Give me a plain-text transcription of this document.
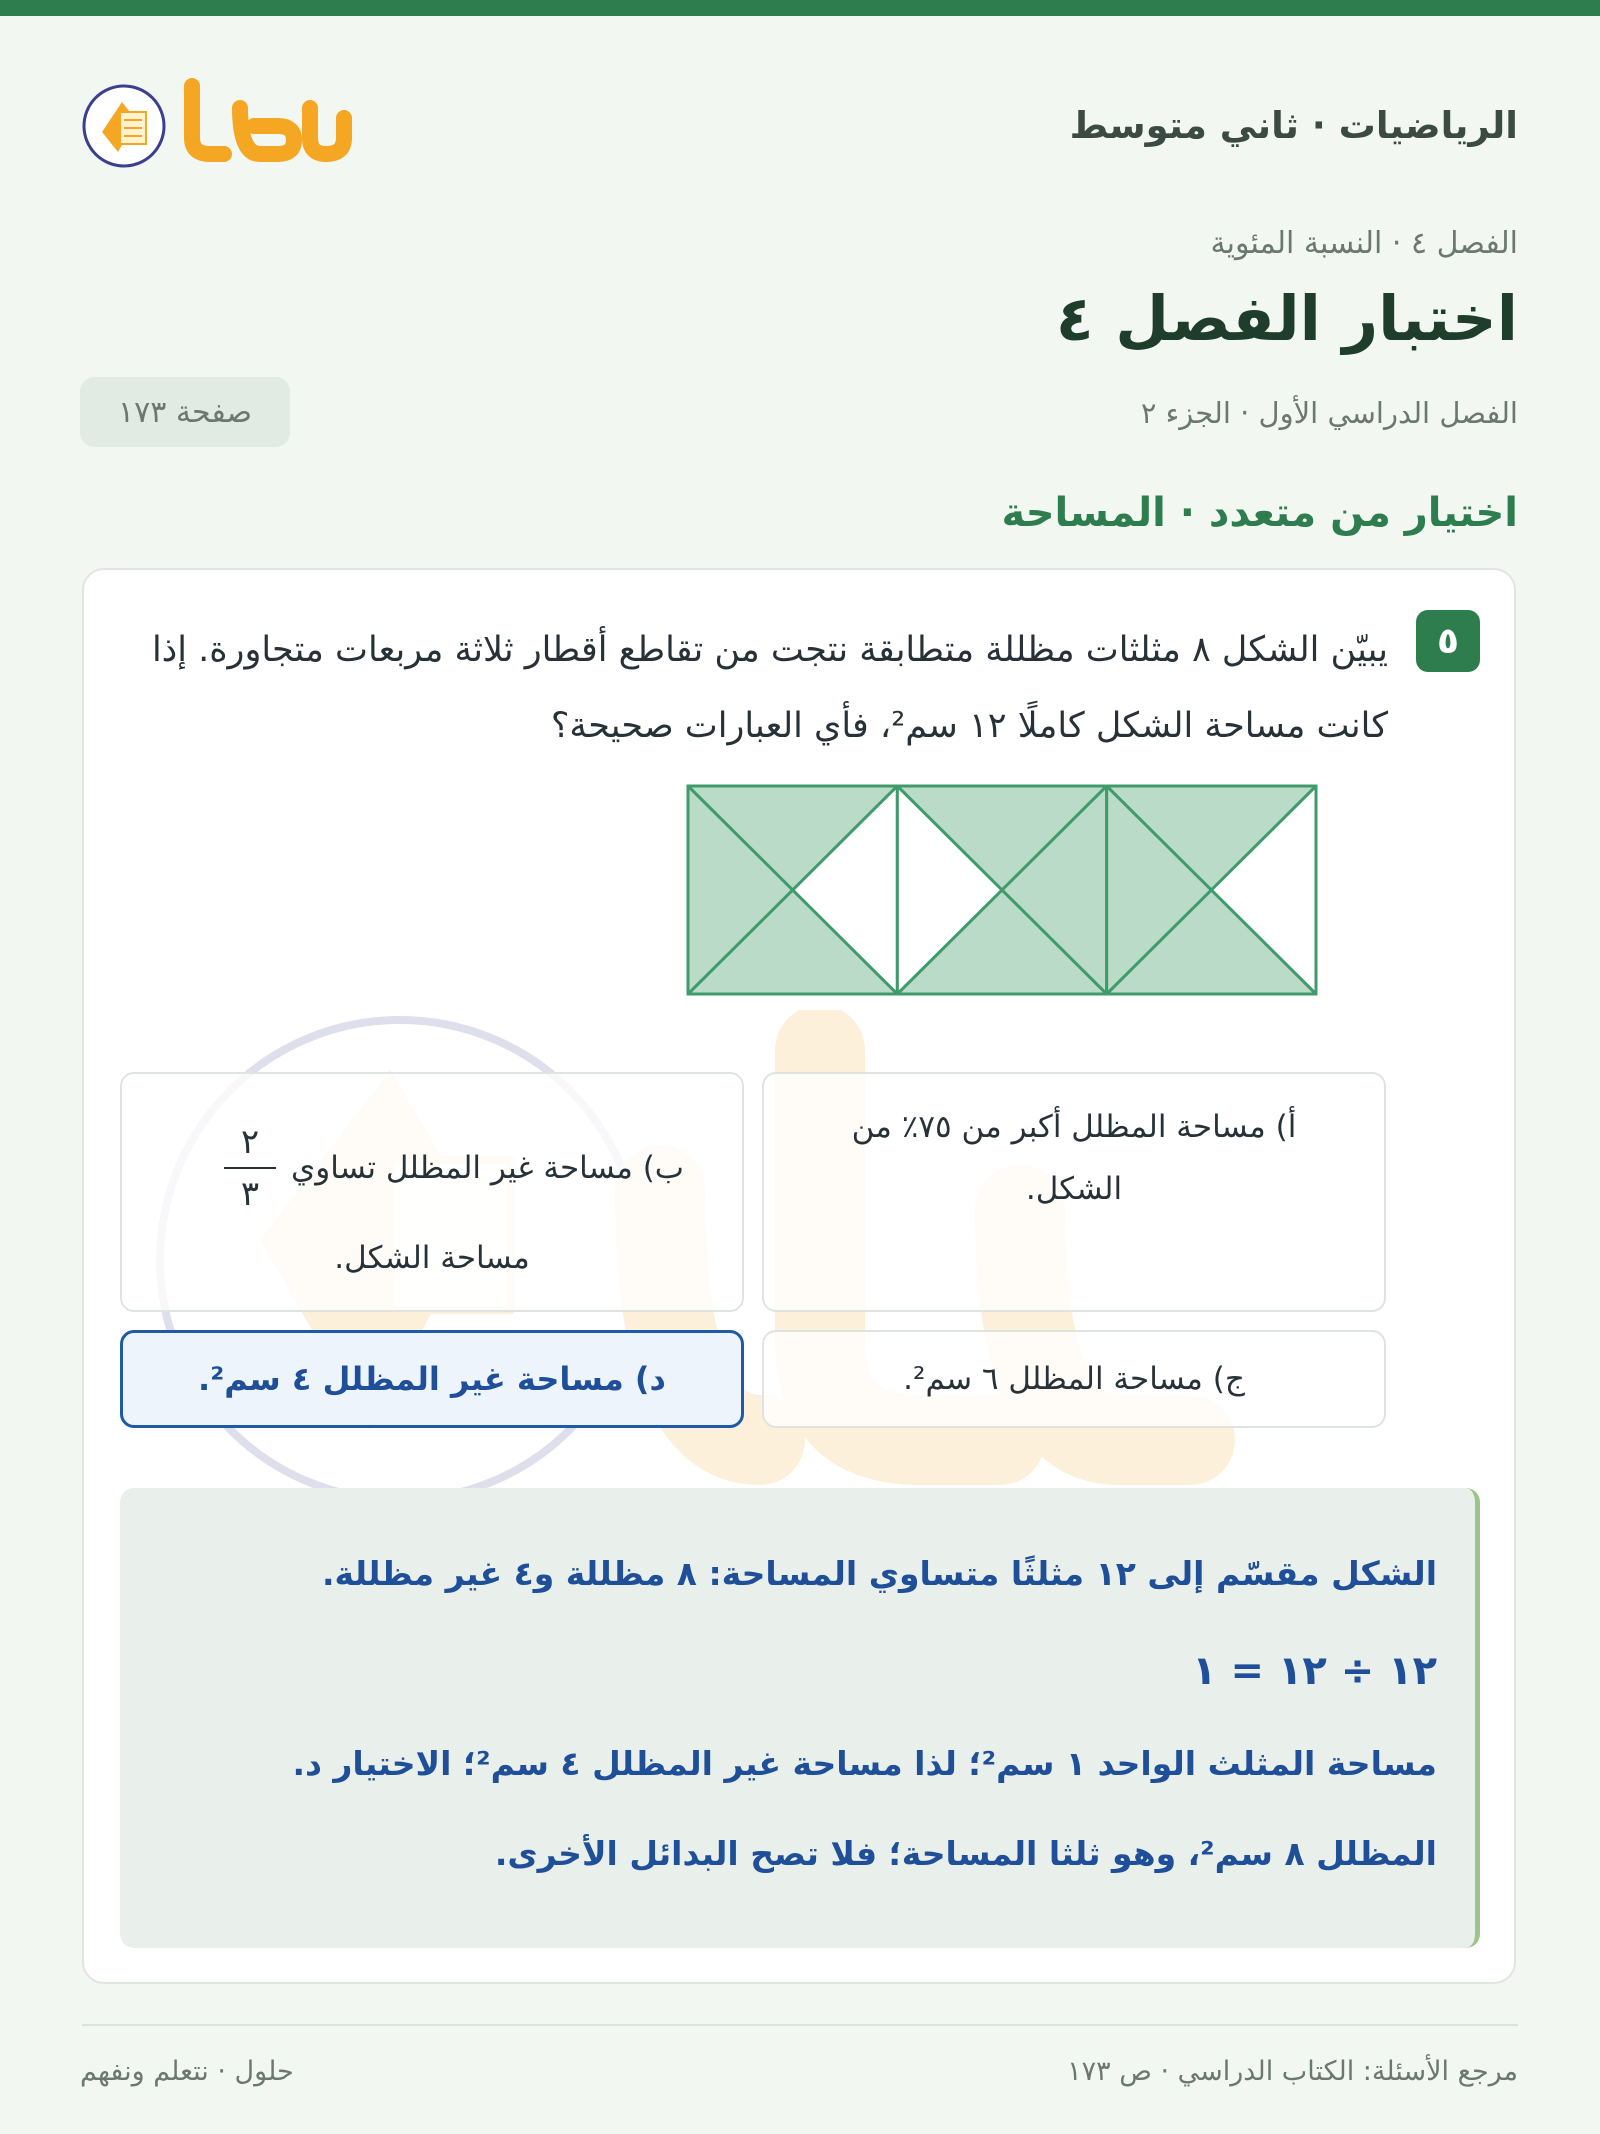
الرياضيات · ثاني متوسط
الفصل ٤ · النسبة المئوية
اختبار الفصل ٤
الفصل الدراسي الأول · الجزء ٢
صفحة ١٧٣
اختيار من متعدد · المساحة
٥
يبيّن الشكل ٨ مثلثات مظللة متطابقة نتجت من تقاطع أقطار ثلاثة مربعات متجاورة. إذا كانت مساحة الشكل كاملًا ١٢ سم²، فأي العبارات صحيحة؟
أ) مساحة المظلل أكبر من ٧٥٪ من الشكل.
ب) مساحة غير المظلل تساوي
$\frac{٢}{٣}$
مساحة الشكل.
ج) مساحة المظلل ٦ سم².
د) مساحة غير المظلل ٤ سم².
الشكل مقسّم إلى ١٢ مثلثًا متساوي المساحة: ٨ مظللة و٤ غير مظللة.
١٢ ÷ ١٢ = ١
مساحة المثلث الواحد ١ سم²؛ لذا مساحة غير المظلل ٤ سم²؛ الاختيار د.
المظلل ٨ سم²، وهو ثلثا المساحة؛ فلا تصح البدائل الأخرى.
مرجع الأسئلة: الكتاب الدراسي · ص ١٧٣
حلول · نتعلم ونفهم
